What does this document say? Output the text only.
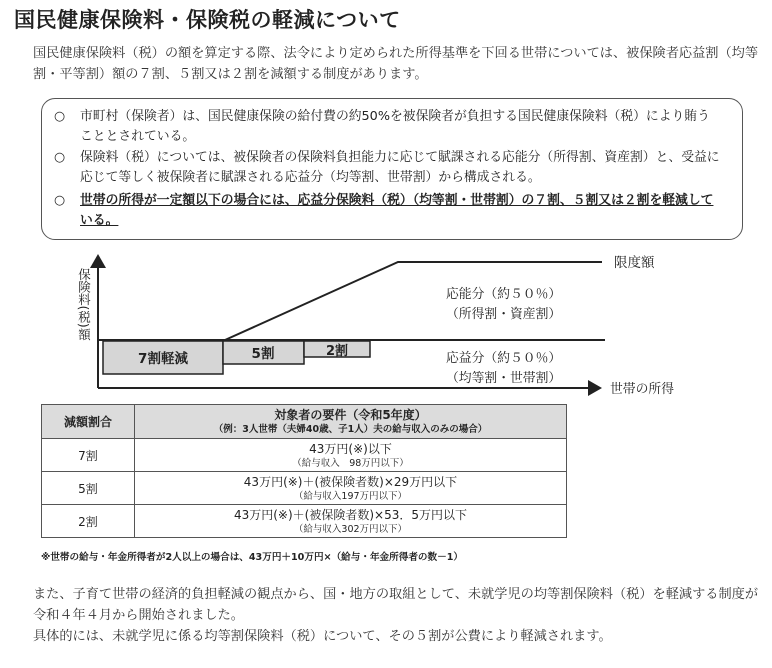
国民健康保険料・保険税の軽減について
国民健康保険料（税）の額を算定する際、法令により定められた所得基準を下回る世帯については、被保険者応益割（均等割・平等割）額の７割、５割又は２割を減額する制度があります。
○ 市町村（保険者）は、国民健康保険の給付費の約50%を被保険者が負担する国民健康保険料（税）により賄うこととされている。
○ 保険料（税）については、被保険者の保険料負担能力に応じて賦課される応能分（所得割、資産割）と、受益に応じて等しく被保険者に賦課される応益分（均等割、世帯割）から構成される。
○ 世帯の所得が一定額以下の場合には、応益分保険料（税）（均等割・世帯割）の７割、５割又は２割を軽減している。
保険料(税)額
限度額
応能分（約５０％）
（所得割・資産割）
応益分（約５０％）
（均等割・世帯割）
7割軽減	5割	2割
世帯の所得
減額割合	対象者の要件（令和5年度）
（例：3人世帯（夫婦40歳、子1人）夫の給与収入のみの場合）

7割	43万円(※)以下
（給与収入　98万円以下）

5割	43万円(※)＋(被保険者数)×29万円以下
（給与収入197万円以下）

2割	43万円(※)＋(被保険者数)×53．5万円以下
（給与収入302万円以下）
※世帯の給与・年金所得者が2人以上の場合は、43万円＋10万円×（給与・年金所得者の数－1）
また、子育て世帯の経済的負担軽減の観点から、国・地方の取組として、未就学児の均等割保険料（税）を軽減する制度が令和４年４月から開始されました。
具体的には、未就学児に係る均等割保険料（税）について、その５割が公費により軽減されます。
